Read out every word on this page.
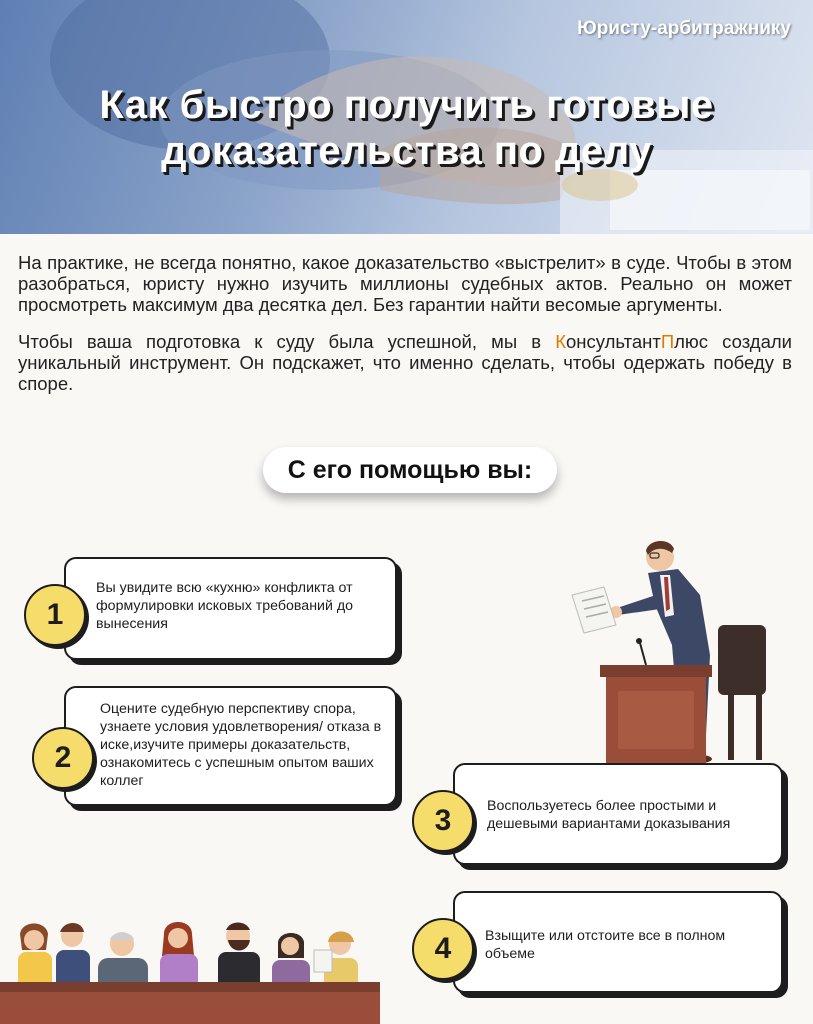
Юристу-арбитражнику
Как быстро получить готовые
доказательства по делу

На практике, не всегда понятно, какое доказательство «выстрелит» в суде. Чтобы в этом разобраться, юристу нужно изучить миллионы судебных актов. Реально он может просмотреть максимум два десятка дел. Без гарантии найти весомые аргументы.

Чтобы ваша подготовка к суду была успешной, мы в КонсультантПлюс создали уникальный инструмент. Он подскажет, что именно сделать, чтобы одержать победу в споре.

С его помощью вы:
Вы увидите всю «кухню» конфликта от формулировки исковых требований до вынесения
1
Оцените судебную перспективу спора, узнаете условия удовлетворения/ отказа в иске,изучите примеры доказательств, ознакомитесь с успешным опытом ваших коллег
2
Воспользуетесь более простыми и дешевыми вариантами доказывания
3
Взыщите или отстоите все в полном объеме
4
